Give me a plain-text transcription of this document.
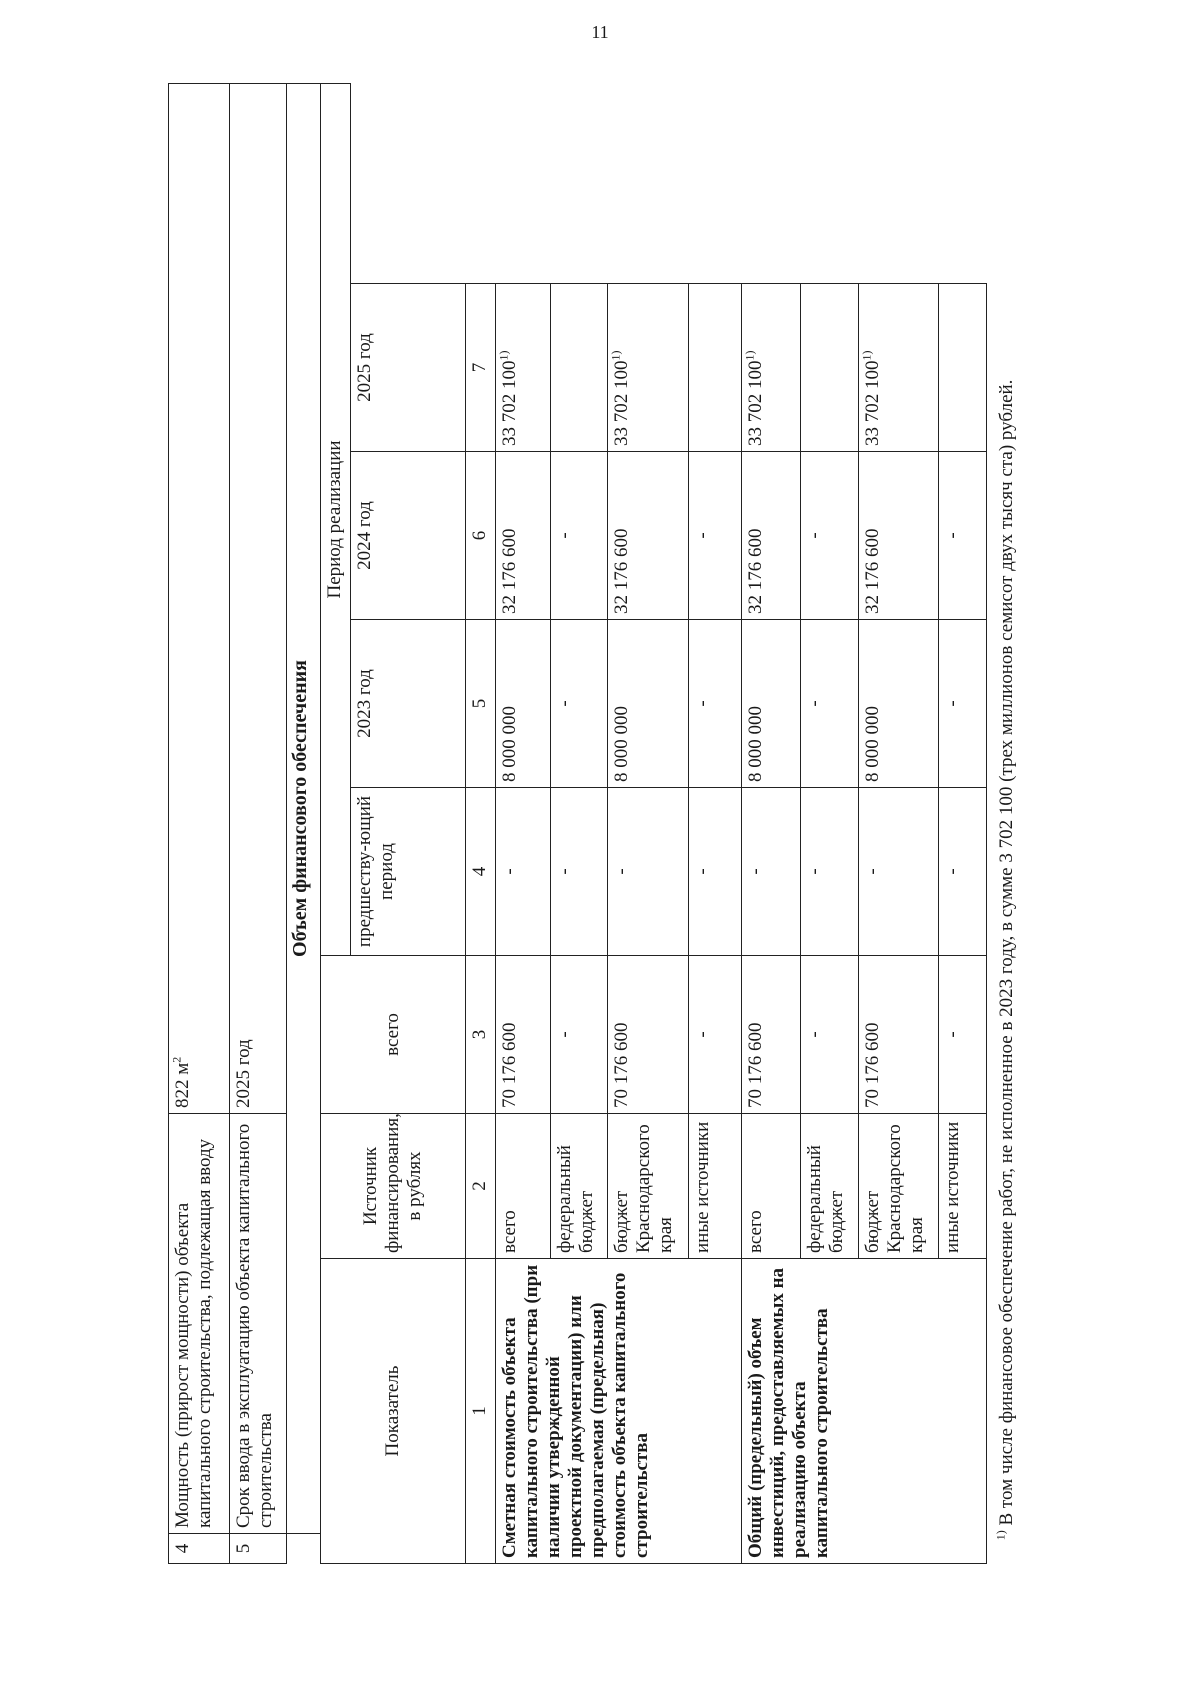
11
4	Мощность (прирост мощности) объекта капитального строительства, подлежащая вводу		822 $м^2$
5	Срок ввода в эксплуатацию объекта капитального строительства		2025 год				
	Объем финансового обеспечения						
Показатель		Источник финансирования, в рублях	всего	Период реализации			
				предшеству-ющий период	2023 год	2024 год	2025 год
1		2	3	4	5	6	7
Сметная стоимость объекта капитального строительства (при наличии утвержденной проектной документации) или предполагаемая (предельная) стоимость объекта капитального строительства		всего	70 176 600	-	8 000 000	32 176 600	33 702 100$^{1)}$
		федеральный бюджет	-	-	-	-	
		бюджет Краснодарского края	70 176 600	-	8 000 000	32 176 600	33 702 100$^{1)}$
		иные источники	-	-	-	-	
Общий (предельный) объем инвестиций, предоставляемых на реализацию объекта капитального строительства		всего	70 176 600	-	8 000 000	32 176 600	33 702 100$^{1)}$
		федеральный бюджет	-	-	-	-	
		бюджет Краснодарского края	70 176 600	-	8 000 000	32 176 600	33 702 100$^{1)}$
		иные источники	-	-	-	-	
$^{1)}$ В том числе финансовое обеспечение работ, не исполненное в 2023 году, в сумме 3 702 100 (трех миллионов семисот двух тысяч ста) рублей.
